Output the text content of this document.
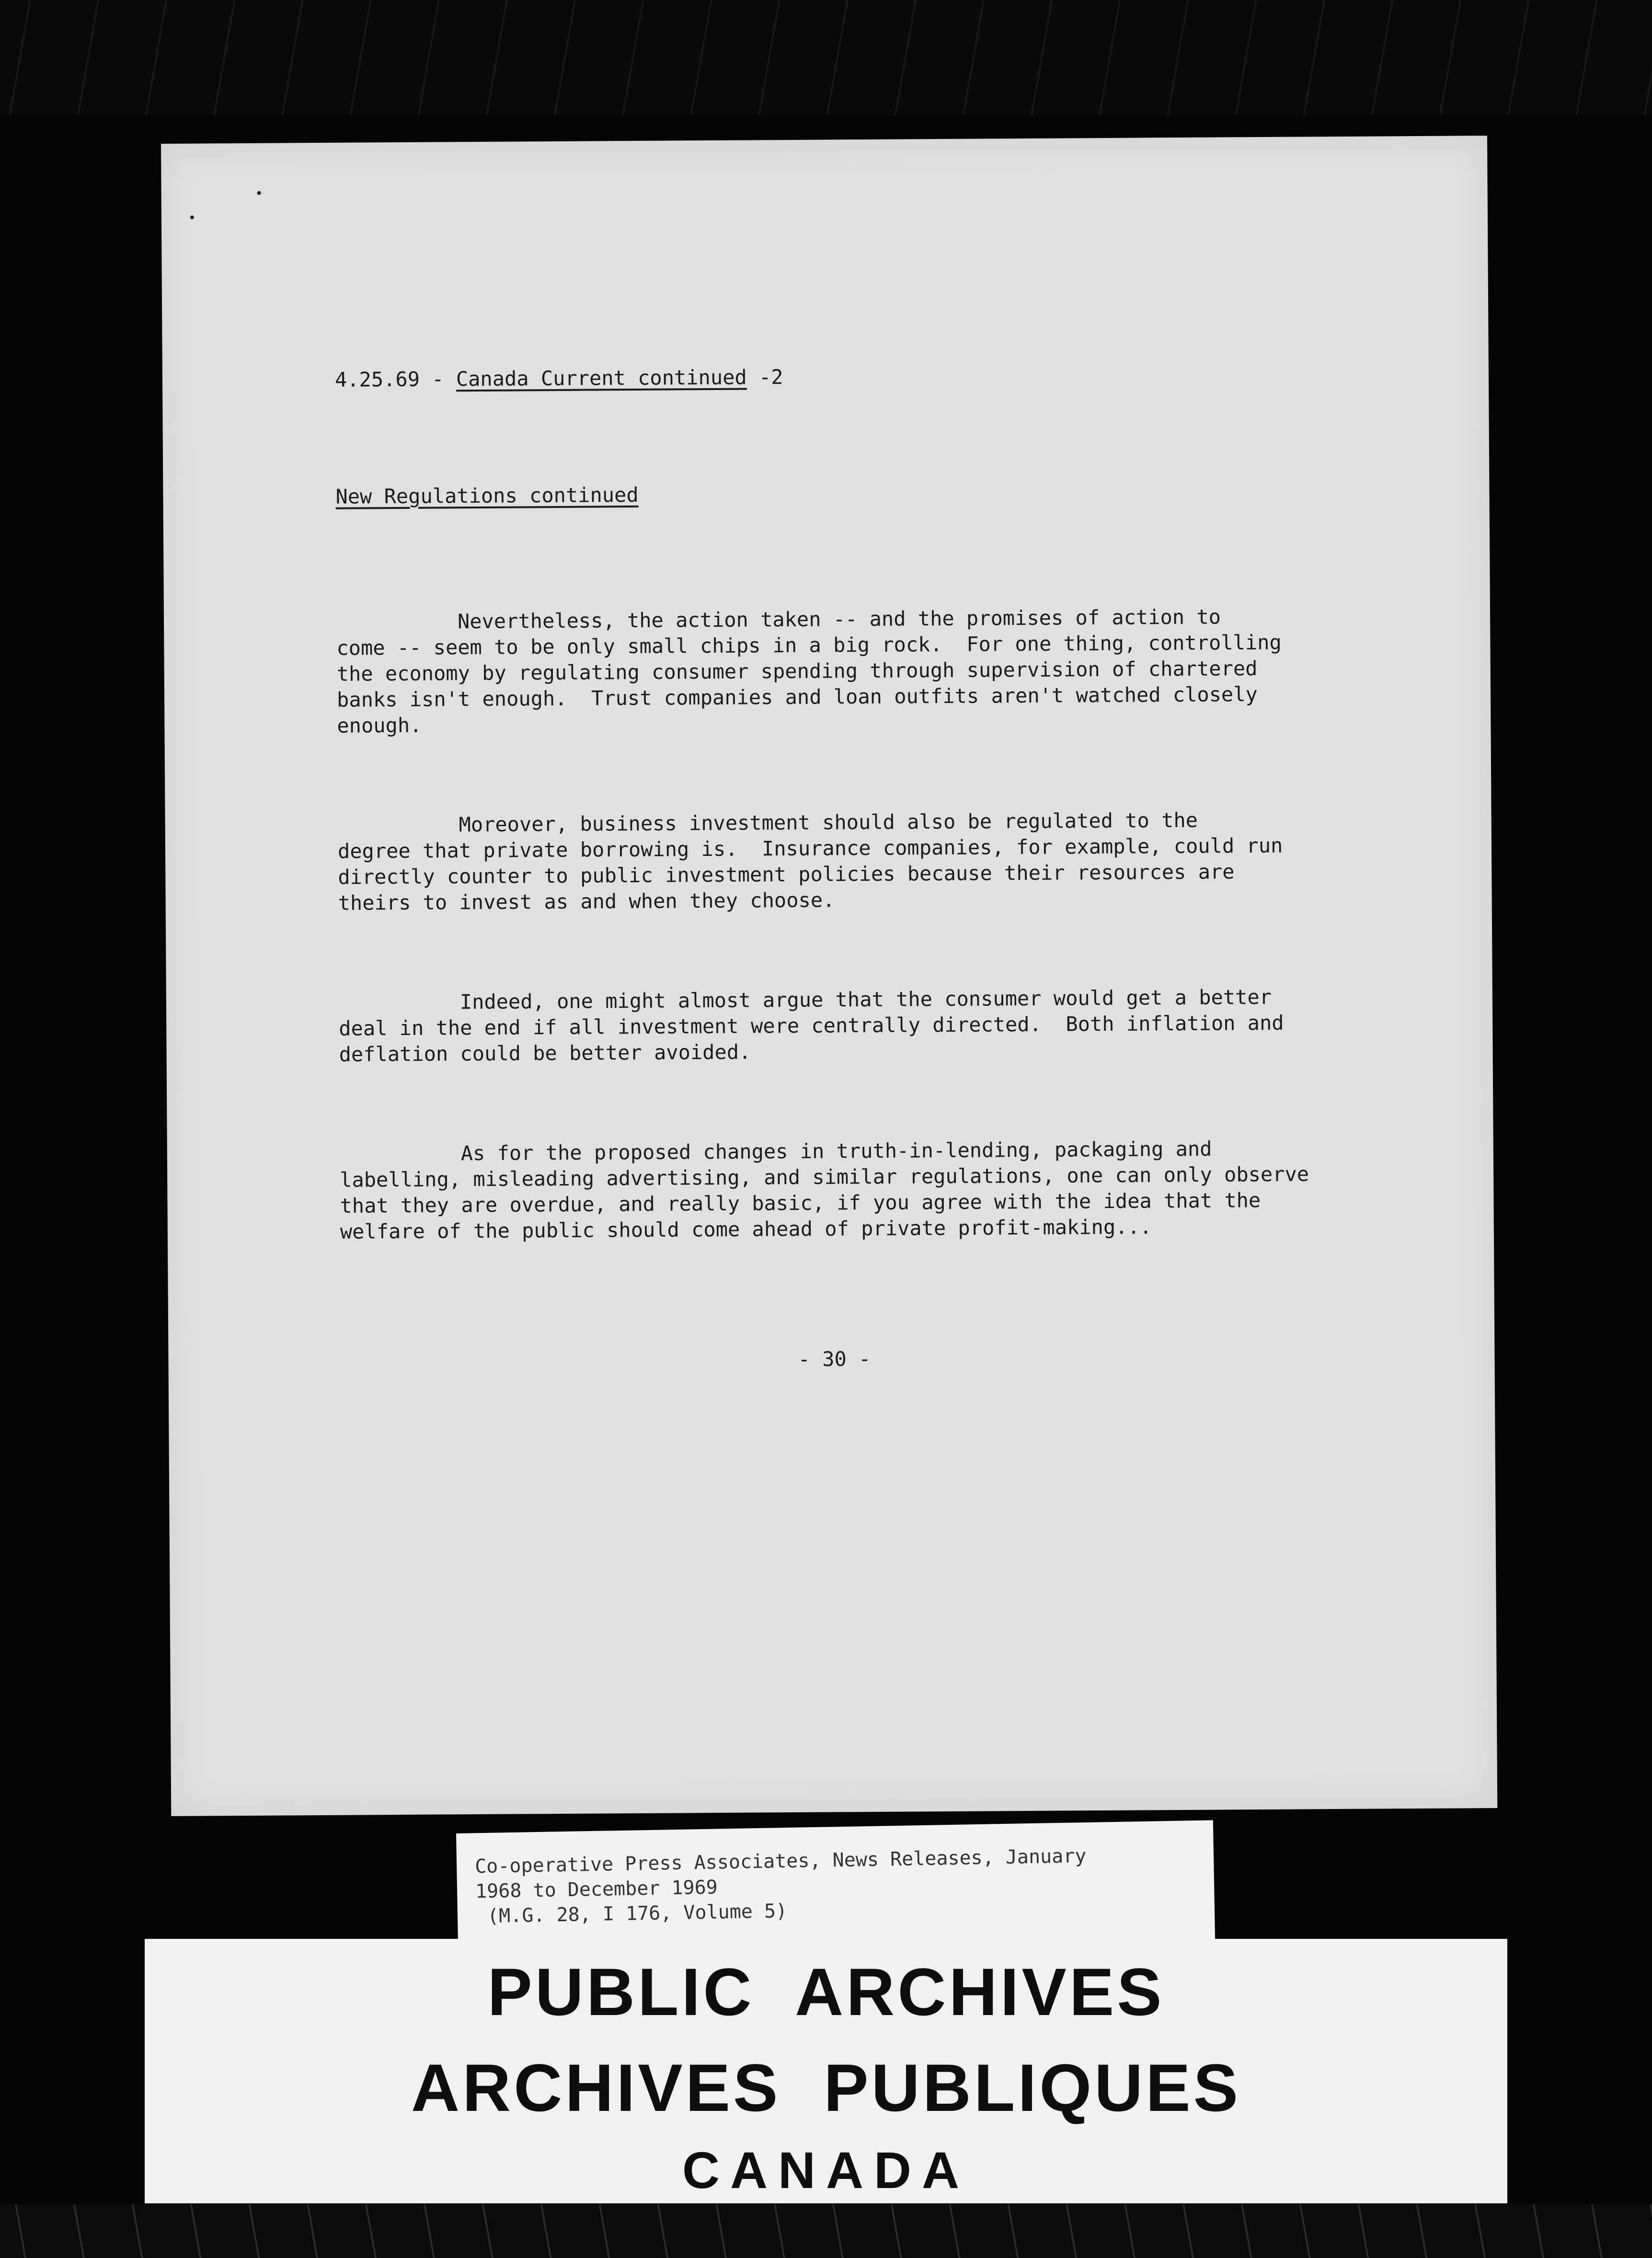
4.25.69 - Canada Current continued -2

New Regulations continued

Nevertheless, the action taken -- and the promises of action to
come -- seem to be only small chips in a big rock.  For one thing, controlling
the economy by regulating consumer spending through supervision of chartered
banks isn't enough.  Trust companies and loan outfits aren't watched closely
enough.

Moreover, business investment should also be regulated to the
degree that private borrowing is.  Insurance companies, for example, could run
directly counter to public investment policies because their resources are
theirs to invest as and when they choose.

Indeed, one might almost argue that the consumer would get a better
deal in the end if all investment were centrally directed.  Both inflation and
deflation could be better avoided.

As for the proposed changes in truth-in-lending, packaging and
labelling, misleading advertising, and similar regulations, one can only observe
that they are overdue, and really basic, if you agree with the idea that the
welfare of the public should come ahead of private profit-making...

- 30 -

Co-operative Press Associates, News Releases, January
1968 to December 1969
(M.G. 28, I 176, Volume 5)
PUBLIC  ARCHIVES
ARCHIVES  PUBLIQUES
CANADA
